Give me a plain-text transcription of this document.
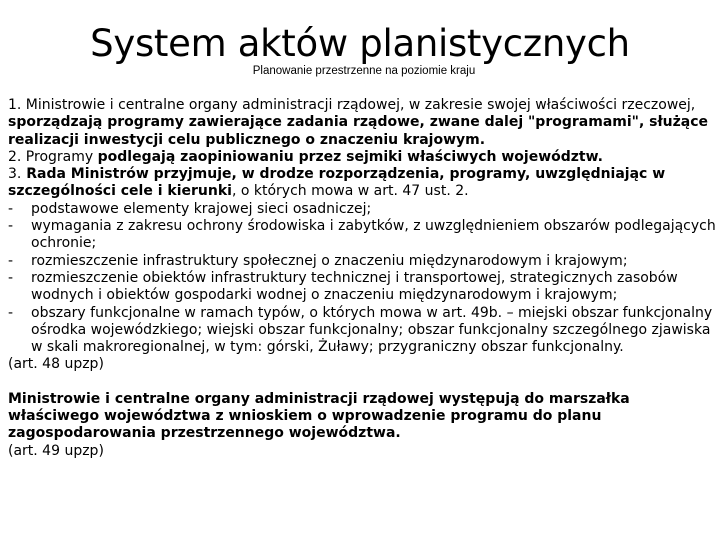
System aktów planistycznych
Planowanie przestrzenne na poziomie kraju

1. Ministrowie i centralne organy administracji rządowej, w zakresie swojej właściwości rzeczowej, sporządzają programy zawierające zadania rządowe, zwane dalej "programami", służące realizacji inwestycji celu publicznego o znaczeniu krajowym.

2. Programy podlegają zaopiniowaniu przez sejmiki właściwych województw.

3. Rada Ministrów przyjmuje, w drodze rozporządzenia, programy, uwzględniając w szczególności cele i kierunki, o których mowa w art. 47 ust. 2.

-	podstawowe elementy krajowej sieci osadniczej;
-	wymagania z zakresu ochrony środowiska i zabytków, z uwzględnieniem obszarów podlegających ochronie;
-	rozmieszczenie infrastruktury społecznej o znaczeniu międzynarodowym i krajowym;
-	rozmieszczenie obiektów infrastruktury technicznej i transportowej, strategicznych zasobów wodnych i obiektów gospodarki wodnej o znaczeniu międzynarodowym i krajowym;
-	obszary funkcjonalne w ramach typów, o których mowa w art. 49b. – miejski obszar funkcjonalny ośrodka wojewódzkiego; wiejski obszar funkcjonalny; obszar funkcjonalny szczególnego zjawiska w skali makroregionalnej, w tym: górski, Żuławy; przygraniczny obszar funkcjonalny.

(art. 48 upzp)

Ministrowie i centralne organy administracji rządowej występują do marszałka właściwego województwa z wnioskiem o wprowadzenie programu do planu zagospodarowania przestrzennego województwa.

(art. 49 upzp)
